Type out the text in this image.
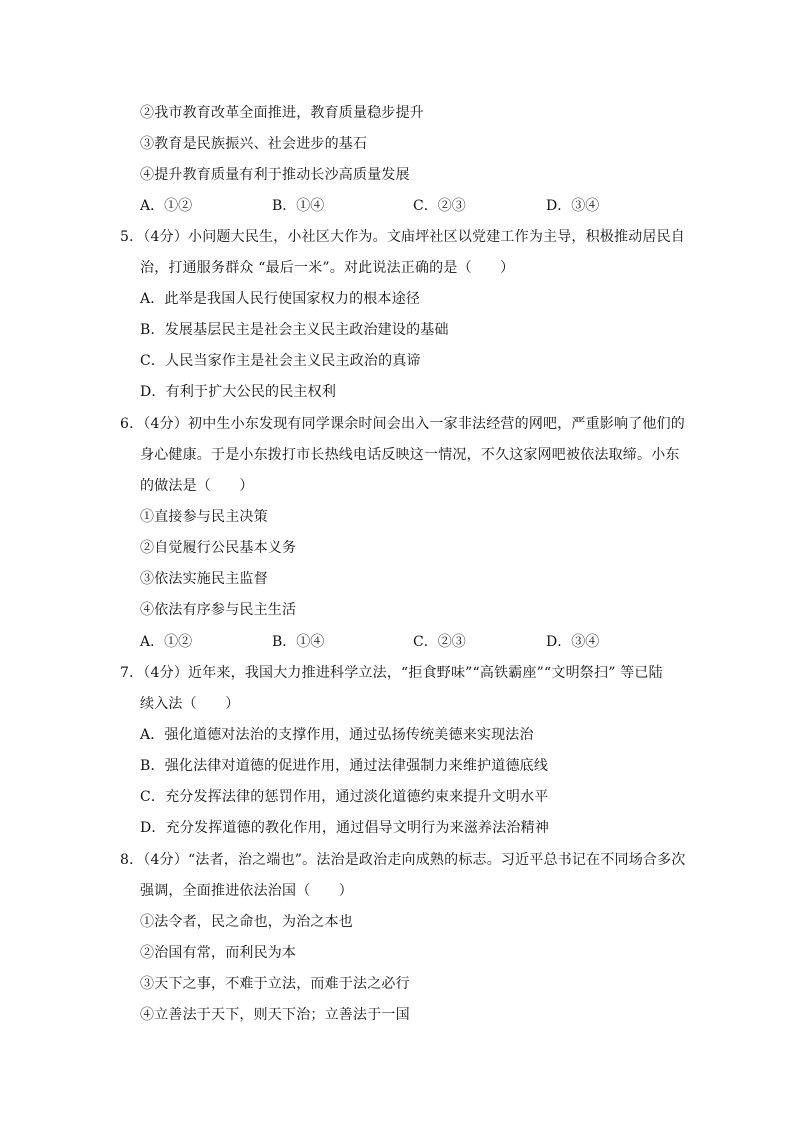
②我市教育改革全面推进，教育质量稳步提升
③教育是民族振兴、社会进步的基石
④提升教育质量有利于推动长沙高质量发展
A．①②	B．①④	C．②③	D．③④
5．（4分）小问题大民生，小社区大作为。文庙坪社区以党建工作为主导，积极推动居民自
治，打通服务群众 “最后一米”。对此说法正确的是（　　）
A．此举是我国人民行使国家权力的根本途径
B．发展基层民主是社会主义民主政治建设的基础
C．人民当家作主是社会主义民主政治的真谛
D．有利于扩大公民的民主权利
6．（4分）初中生小东发现有同学课余时间会出入一家非法经营的网吧，严重影响了他们的
身心健康。于是小东拨打市长热线电话反映这一情况，不久这家网吧被依法取缔。小东
的做法是（　　）
①直接参与民主决策
②自觉履行公民基本义务
③依法实施民主监督
④依法有序参与民主生活
A．①②	B．①④	C．②③	D．③④
7．（4分）近年来，我国大力推进科学立法，“拒食野味”“高铁霸座”“文明祭扫” 等已陆
续入法（　　）
A．强化道德对法治的支撑作用，通过弘扬传统美德来实现法治
B．强化法律对道德的促进作用，通过法律强制力来维护道德底线
C．充分发挥法律的惩罚作用，通过淡化道德约束来提升文明水平
D．充分发挥道德的教化作用，通过倡导文明行为来滋养法治精神
8．（4分）“法者，治之端也”。法治是政治走向成熟的标志。习近平总书记在不同场合多次
强调，全面推进依法治国（　　）
①法令者，民之命也，为治之本也
②治国有常，而利民为本
③天下之事，不难于立法，而难于法之必行
④立善法于天下，则天下治；立善法于一国
